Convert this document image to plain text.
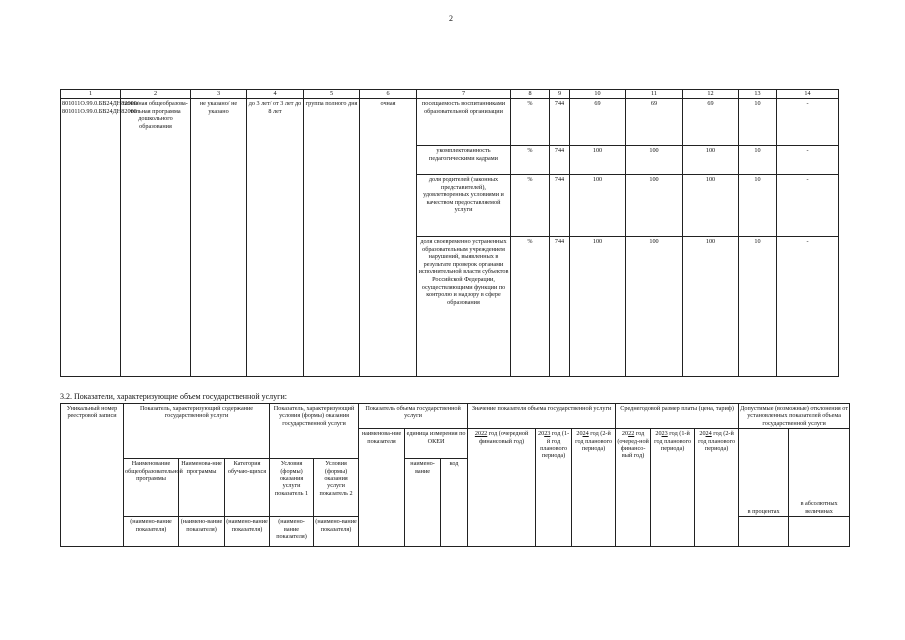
2
1	2	3	4	5	6	7	8	9	10	11	12	13	14
801011О.99.0.БВ24ДН82000/ 801011О.99.0.БВ24ДН82000	основная общеобразова-тельная программа дошкольного образования	не указано/ не указано	до 3 лет/ от 3 лет до 8 лет	группа полного дня	очная	посещаемость воспитанниками образовательной организации	%	744	69	69	69	10	-
						укомплектованность педагогическими кадрами	%	744	100	100	100	10	-
						доля родителей (законных представителей), удовлетворенных условиями и качеством предоставляемой услуги	%	744	100	100	100	10	-
						доля своевременно устраненных образовательным учреждением нарушений, выявленных в результате проверок органами исполнительной власти субъектов Российской Федерации, осуществляющими функции по контролю и надзору в сфере образования	%	744	100	100	100	10	-
3.2. Показатели, характеризующие объем государственной услуги:
Уникальный номер реестровой записи	Показатель, характеризующий содержание государственной услуги			Показатель, характеризующий условия (формы) оказания государственной услуги		Показатель объема государственной услуги			Значение показателя объема государственной услуги			Среднегодовой размер платы (цена, тариф)			Допустимые (возможные) отклонения от установленных показателей объема государственной услуги	
						наименова-ние показателя	единица измерения по ОКЕИ		2022 год (очередной финансовый год)	2023 год (1-й год планового периода)	2024 год (2-й год планового периода)	2022 год (очеред-ной финансо-вый год)	2023 год (1-й год планового периода)	2024 год (2-й год планового периода)	в процентах	в абсолютных величинах
	Наименование общеобразовательной программы	Наименова-ние программы	Категория обучаю-щихся	Условия (формы) оказания услуги показатель 1	Условия (формы) оказания услуги показатель 2		наимено-вание	код								
	(наимено-вание показателя)	(наимено-вание показателя)	(наимено-вание показателя)	(наимено-вание показателя)	(наимено-вание показателя)											
